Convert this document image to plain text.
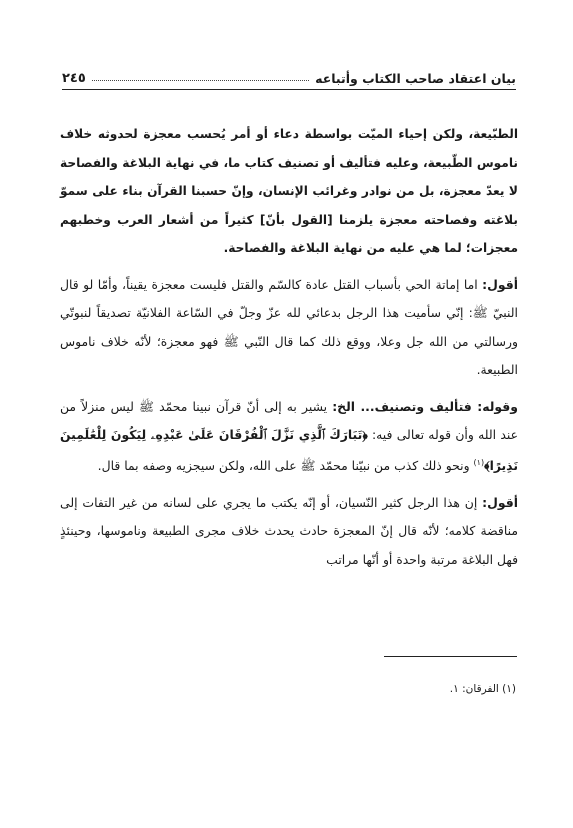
بيان اعتقاد صاحب الكتاب وأتباعه
٢٤٥

الطبّيعة، ولكن إحياء الميّت بواسطة دعاء أو أمر يُحسب معجزة لحدوثه خلاف ناموس الطّبيعة، وعليه فتأليف أو تصنيف كتاب ما، في نهاية البلاغة والفصاحة لا يعدّ معجزة، بل من نوادر وغرائب الإنسان، وإنّ حسبنا القرآن بناء على سموّ بلاغته وفصاحته معجزة يلزمنا [القول بأنّ] كثيراً من أشعار العرب وخطبهم معجزات؛ لما هي عليه من نهاية البلاغة والفصاحة.

أقول: اما إماتة الحي بأسباب القتل عادة كالسّم والقتل فليست معجزة يقيناً، وأمّا لو قال النبيّ ﷺ: إنّي سأميت هذا الرجل بدعائي لله عزّ وجلّ في السّاعة الفلانيّة تصديقاً لنبوتّي ورسالتي من الله جل وعلا، ووقع ذلك كما قال النّبي ﷺ فهو معجزة؛ لأنّه خلاف ناموس الطبيعة.

وقوله: فتأليف وتصنيف... الخ: يشير به إلى أنّ قرآن نبينا محمّد ﷺ ليس منزلاً من عند الله وأن قوله تعالى فيه: ﴿تَبَارَكَ ٱلَّذِي نَزَّلَ ٱلْفُرْقَانَ عَلَىٰ عَبْدِهِۦ لِيَكُونَ لِلْعَٰلَمِينَ نَذِيرًا﴾$^{(١)}$ ونحو ذلك كذب من نبيّنا محمّد ﷺ على الله، ولكن سيجزيه وصفه بما قال.

أقول: إن هذا الرجل كثير النّسيان، أو إنّه يكتب ما يجري على لسانه من غير التفات إلى مناقضة كلامه؛ لأنّه قال إنّ المعجزة حادث يحدث خلاف مجرى الطبيعة وناموسها، وحينئذٍ فهل البلاغة مرتبة واحدة أو أنّها مراتب

(١) الفرقان: ١.
